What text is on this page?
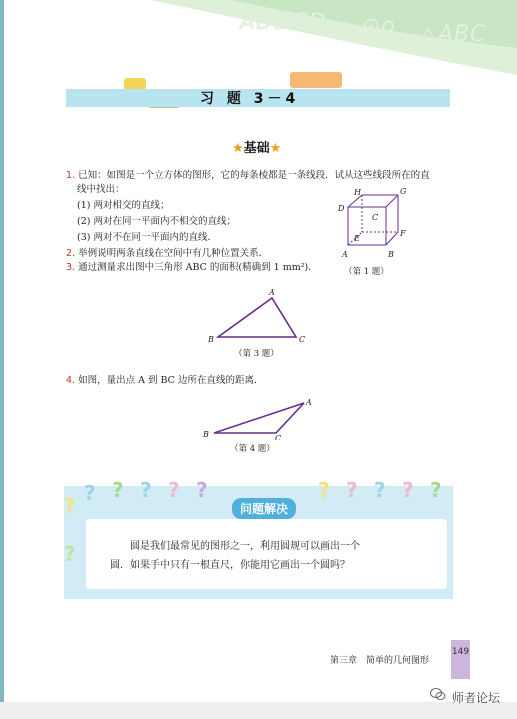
AB⊥CD ⊙o △ABC
习 题 3－4
★基础★
1. 已知：如图是一个立方体的图形，它的每条棱都是一条线段．试从这些线段所在的直
线中找出：
(1) 两对相交的直线；
(2) 两对在同一平面内不相交的直线；
(3) 两对不在同一平面内的直线．
H	G
D
C
E
F
A	B
（第 1 题）
2. 举例说明两条直线在空间中有几种位置关系．
3. 通过测量求出图中三角形 ABC 的面积(精确到 1 mm²)．
A
B	C
（第 3 题）
4. 如图，量出点 A 到 BC 边所在直线的距离．
A
B	C
（第 4 题）
? ? ? ? ?	? ? ? ? ?
?
?
问题解决
圆是我们最常见的图形之一，利用圆规可以画出一个
圆．如果手中只有一根直尺，你能用它画出一个圆吗？
第三章　简单的几何图形
149
师者论坛
